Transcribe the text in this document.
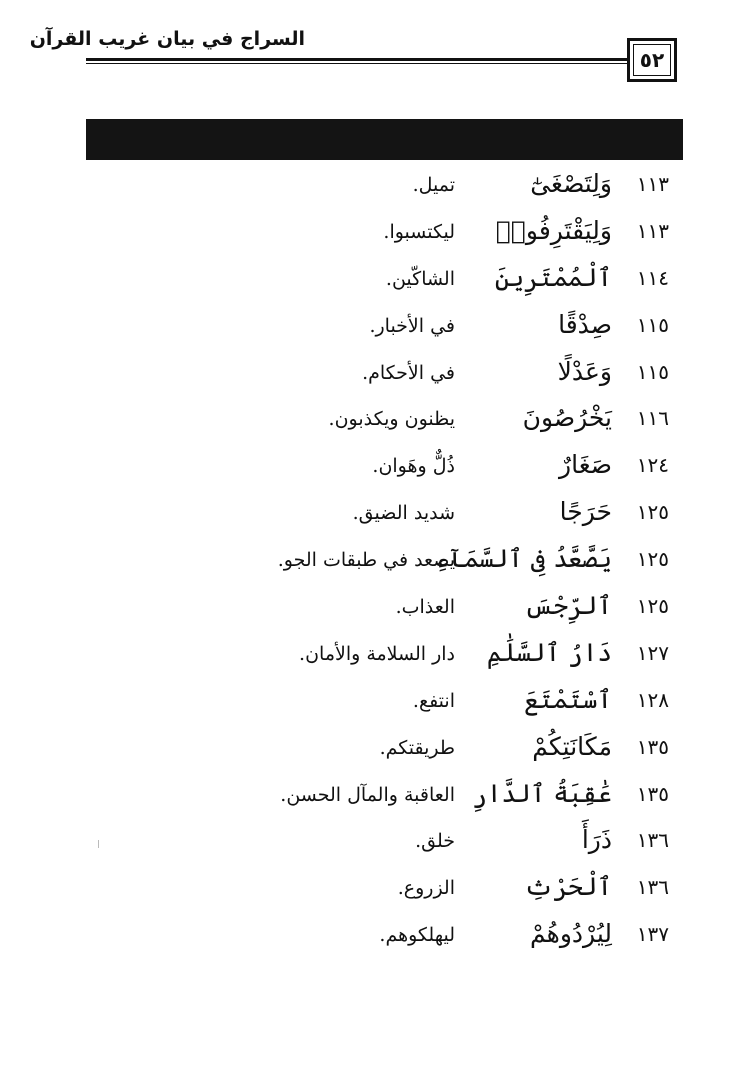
السراج في بيان غريب القرآن
٥٢
١١٣
وَلِتَصْغَىٰٓ
تميل.
١١٣
وَلِيَقْتَرِفُوا۟
ليكتسبوا.
١١٤
ٱلْمُمْتَرِينَ
الشاكّين.
١١٥
صِدْقًا
في الأخبار.
١١٥
وَعَدْلًا
في الأحكام.
١١٦
يَخْرُصُونَ
يظنون ويكذبون.
١٢٤
صَغَارٌ
ذُلٌّ وهَوان.
١٢٥
حَرَجًا
شديد الضيق.
١٢٥
يَصَّعَّدُ فِى ٱلسَّمَآءِ
يصعد في طبقات الجو.
١٢٥
ٱلرِّجْسَ
العذاب.
١٢٧
دَارُ ٱلسَّلَٰمِ
دار السلامة والأمان.
١٢٨
ٱسْتَمْتَعَ
انتفع.
١٣٥
مَكَانَتِكُمْ
طريقتكم.
١٣٥
عَٰقِبَةُ ٱلدَّارِ
العاقبة والمآل الحسن.
١٣٦
ذَرَأَ
خلق.
١٣٦
ٱلْحَرْثِ
الزروع.
١٣٧
لِيُرْدُوهُمْ
ليهلكوهم.
